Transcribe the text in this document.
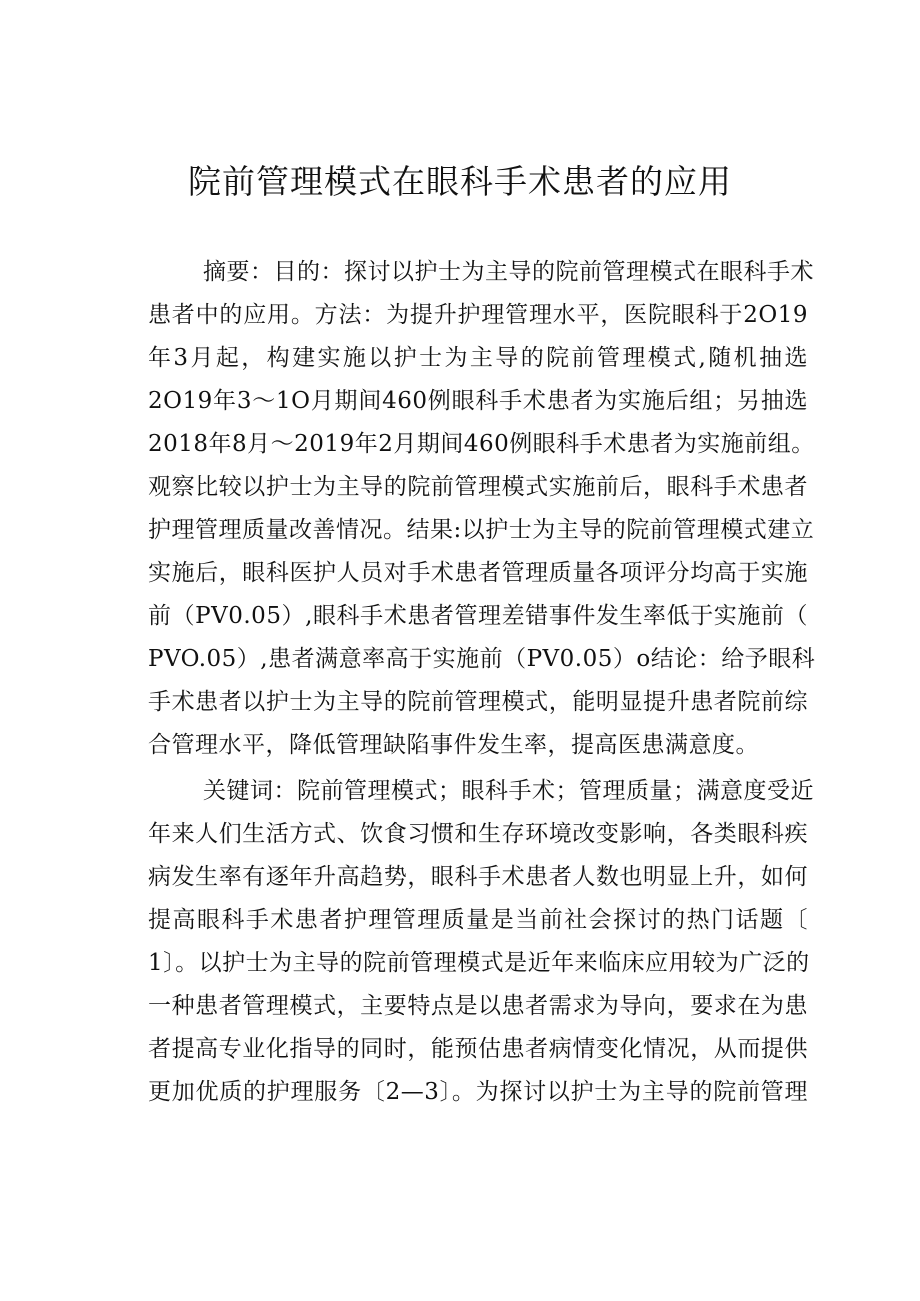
院前管理模式在眼科手术患者的应用
摘要：目的：探讨以护士为主导的院前管理模式在眼科手术
患者中的应用。方法：为提升护理管理水平，医院眼科于2O19
年3月起，构建实施以护士为主导的院前管理模式,随机抽选
2O19年3～1O月期间460例眼科手术患者为实施后组；另抽选
2018年8月～2019年2月期间460例眼科手术患者为实施前组。
观察比较以护士为主导的院前管理模式实施前后，眼科手术患者
护理管理质量改善情况。结果:以护士为主导的院前管理模式建立
实施后，眼科医护人员对手术患者管理质量各项评分均高于实施
前（PV0.05）,眼科手术患者管理差错事件发生率低于实施前（
PVO.05）,患者满意率高于实施前（PV0.05）o结论：给予眼科
手术患者以护士为主导的院前管理模式，能明显提升患者院前综
合管理水平，降低管理缺陷事件发生率，提高医患满意度。
关键词：院前管理模式；眼科手术；管理质量；满意度受近
年来人们生活方式、饮食习惯和生存环境改变影响，各类眼科疾
病发生率有逐年升高趋势，眼科手术患者人数也明显上升，如何
提高眼科手术患者护理管理质量是当前社会探讨的热门话题〔
1〕。以护士为主导的院前管理模式是近年来临床应用较为广泛的
一种患者管理模式，主要特点是以患者需求为导向，要求在为患
者提高专业化指导的同时，能预估患者病情变化情况，从而提供
更加优质的护理服务〔2—3〕。为探讨以护士为主导的院前管理
